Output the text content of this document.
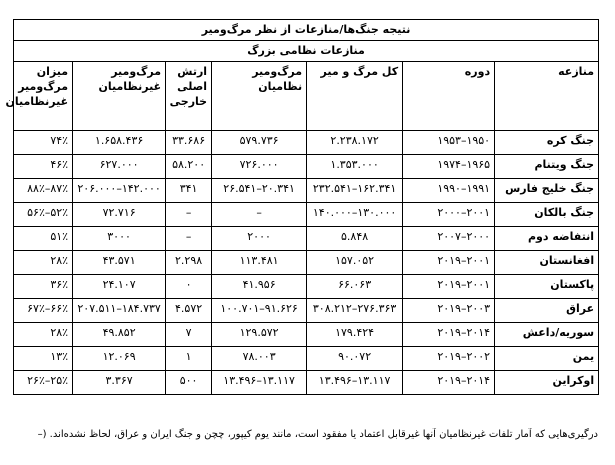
نتیجه جنگ‌ها/منازعات از نظر مرگ‌ومیر						
منازعات نظامی بزرگ						
منازعه	دوره	کل مرگ‌ و میر	مرگ‌ومیر نظامیان	ارتش اصلی خارجی	مرگ‌ومیر غیرنظامیان	میزان مرگ‌ومیر غیرنظامیان
جنگ کره	۱۹۵۰–۱۹۵۳	۲.۲۳۸.۱۷۲	۵۷۹.۷۳۶	۳۳.۶۸۶	۱.۶۵۸.۴۳۶	۷۴٪
جنگ ویتنام	۱۹۶۵–۱۹۷۴	۱.۳۵۳.۰۰۰	۷۲۶.۰۰۰	۵۸.۲۰۰	۶۲۷.۰۰۰	۴۶٪
جنگ خلیج فارس	۱۹۹۱–۱۹۹۰	۱۶۲.۳۴۱–۲۳۲.۵۴۱	۲۰.۳۴۱–۲۶.۵۴۱	۳۴۱	۱۴۲.۰۰۰–۲۰۶.۰۰۰	۸۷٪–۸۸٪
جنگ بالکان	۲۰۰۱–۲۰۰۰	۱۳۰.۰۰۰–۱۴۰.۰۰۰	–	–	۷۲.۷۱۶	۵۲٪–۵۶٪
انتفاضه دوم	۲۰۰۰–۲۰۰۷	۵.۸۴۸	۲۰۰۰	–	۳۰۰۰	۵۱٪
افغانستان	۲۰۰۱–۲۰۱۹	۱۵۷.۰۵۲	۱۱۳.۴۸۱	۲.۲۹۸	۴۳.۵۷۱	۲۸٪
پاکستان	۲۰۰۱–۲۰۱۹	۶۶.۰۶۳	۴۱.۹۵۶	۰	۲۴.۱۰۷	۳۶٪
عراق	۲۰۰۳–۲۰۱۹	۲۷۶.۳۶۳–۳۰۸.۲۱۲	۹۱.۶۲۶–۱۰۰.۷۰۱	۴.۵۷۲	۱۸۴.۷۳۷–۲۰۷.۵۱۱	۶۶٪–۶۷٪
سوریه/داعش	۲۰۱۴–۲۰۱۹	۱۷۹.۴۲۴	۱۲۹.۵۷۲	۷	۴۹.۸۵۲	۲۸٪
یمن	۲۰۰۲–۲۰۱۹	۹۰.۰۷۲	۷۸.۰۰۳	۱	۱۲.۰۶۹	۱۳٪
اوکراین	۲۰۱۴–۲۰۱۹	۱۳.۱۱۷–۱۳.۴۹۶	۱۳.۱۱۷–۱۳.۴۹۶	۵۰۰	۳.۳۶۷	۲۵٪–۲۶٪
درگیری‌هایی که آمار تلفات غیرنظامیان آنها غیرقابل اعتماد یا مفقود است، مانند یوم کیپور، چچن و جنگ ایران و عراق، لحاظ نشده‌اند. (–
